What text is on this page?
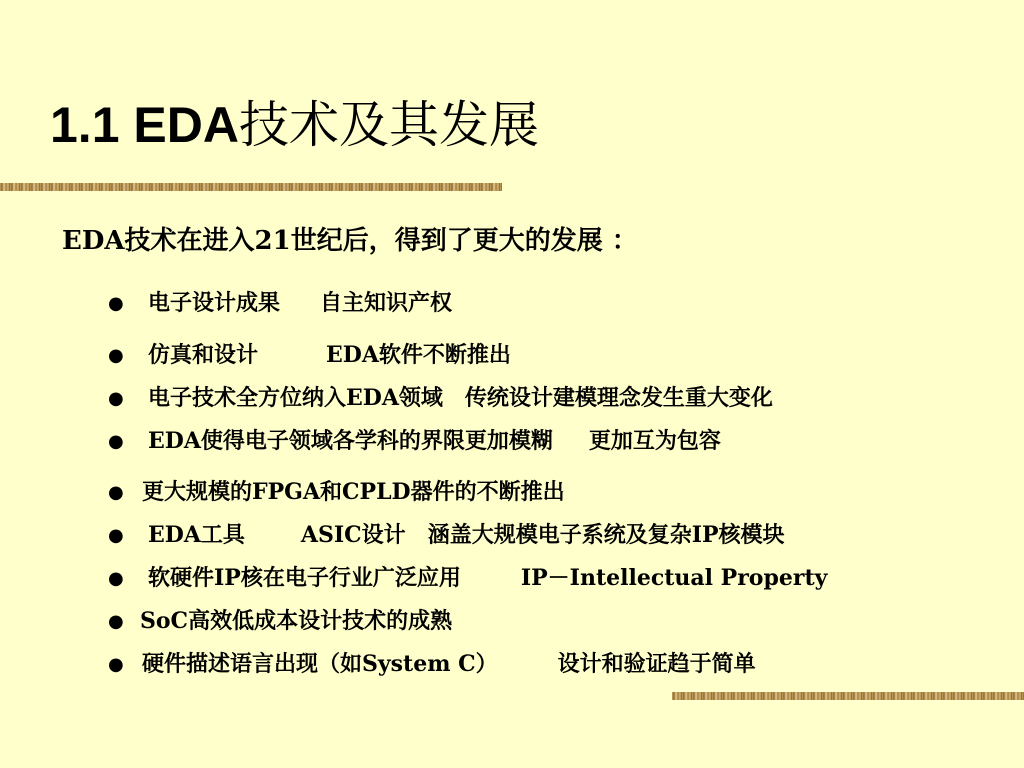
1.1 EDA技术及其发展
EDA技术在进入21世纪后，得到了更大的发展 ：
● 电子设计成果 自主知识产权
● 仿真和设计	EDA软件不断推出
● 电子技术全方位纳入EDA领域 传统设计建模理念发生重大变化
● EDA使得电子领域各学科的界限更加模糊 更加互为包容
● 更大规模的FPGA和CPLD器件的不断推出
● EDA工具	ASIC设计 涵盖大规模电子系统及复杂IP核模块
● 软硬件IP核在电子行业广泛应用	IP－Intellectual Property
● SoC高效低成本设计技术的成熟
● 硬件描述语言出现（如System C）	设计和验证趋于简单
